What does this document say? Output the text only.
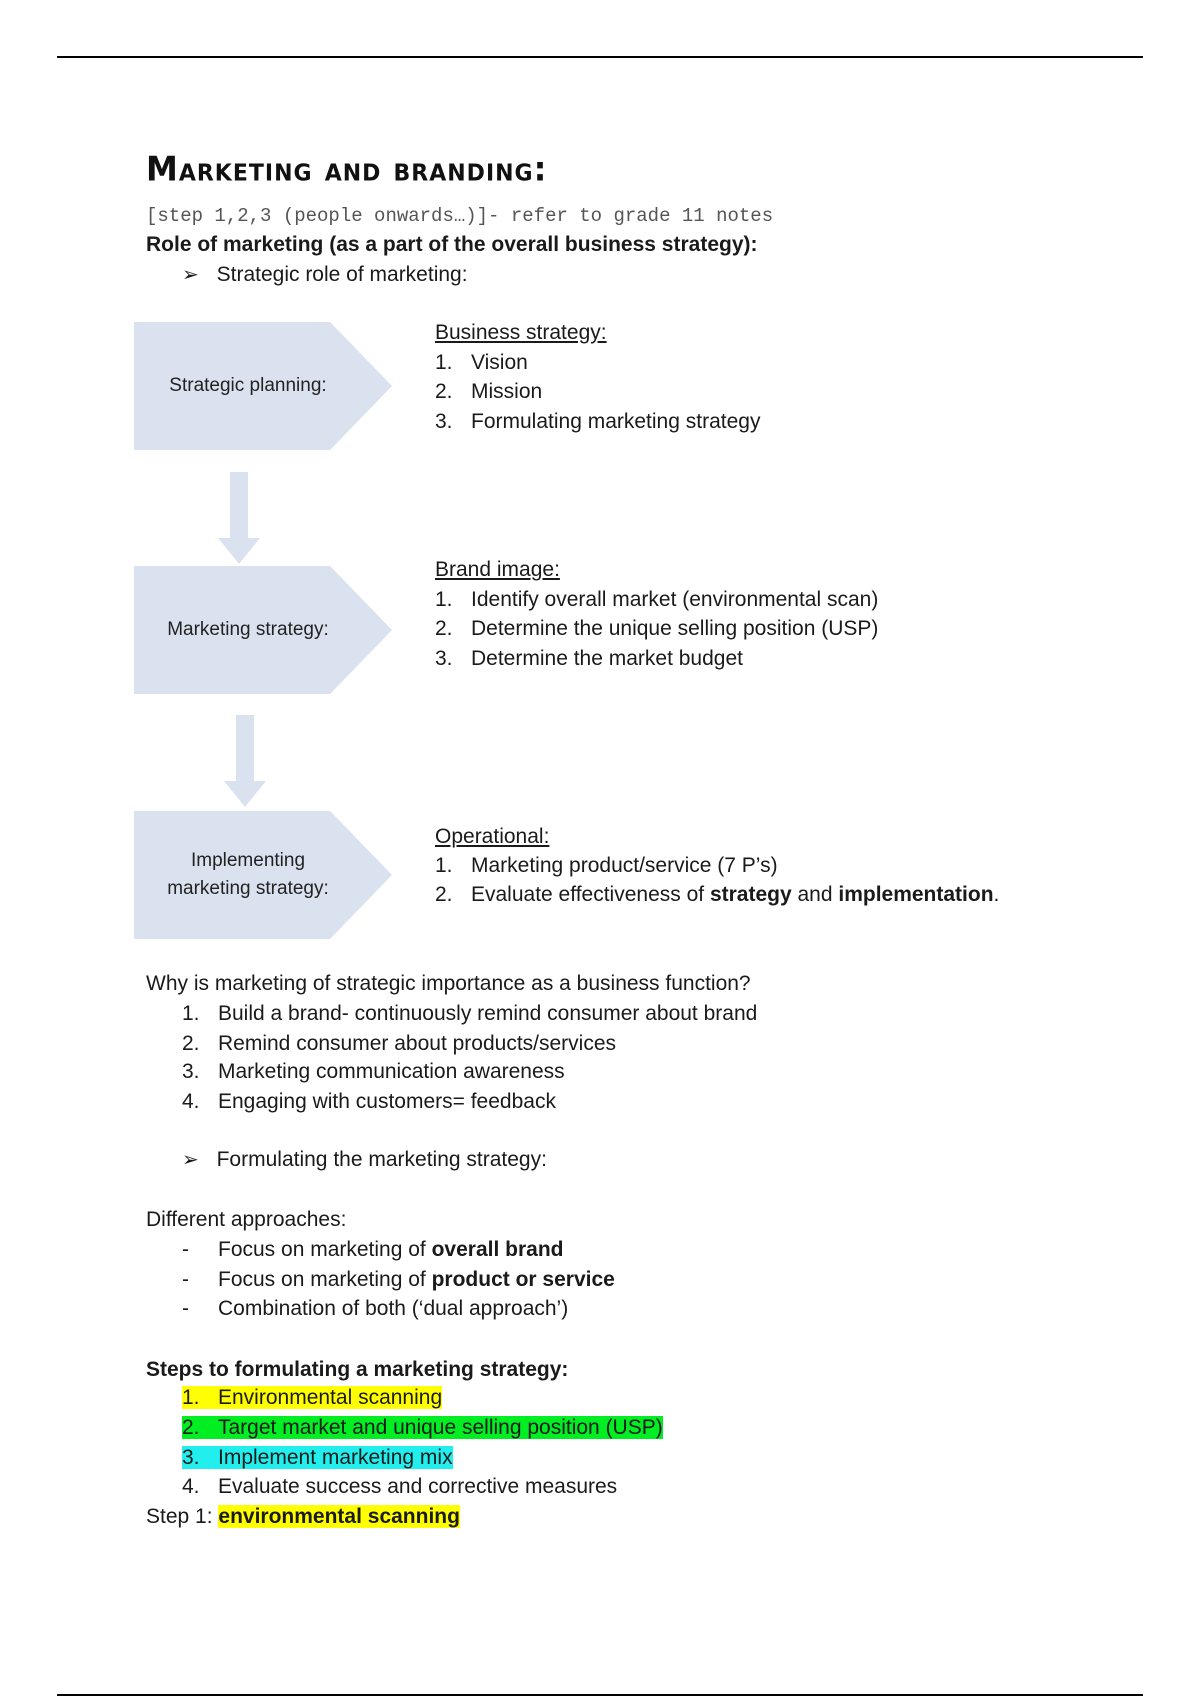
Marketing and branding:
[step 1,2,3 (people onwards…)]- refer to grade 11 notes
Role of marketing (as a part of the overall business strategy):
➢ Strategic role of marketing:
Strategic planning:
Business strategy:
1. Vision
2. Mission
3. Formulating marketing strategy
Marketing strategy:
Brand image:
1. Identify overall market (environmental scan)
2. Determine the unique selling position (USP)
3. Determine the market budget
Implementing
marketing strategy:
Operational:
1. Marketing product/service (7 P’s)
2. Evaluate effectiveness of strategy and implementation.
Why is marketing of strategic importance as a business function?
1. Build a brand- continuously remind consumer about brand
2. Remind consumer about products/services
3. Marketing communication awareness
4. Engaging with customers= feedback
➢ Formulating the marketing strategy:
Different approaches:
- Focus on marketing of overall brand
- Focus on marketing of product or service
- Combination of both (‘dual approach’)
Steps to formulating a marketing strategy:
1. Environmental scanning
2. Target market and unique selling position (USP)
3. Implement marketing mix
4. Evaluate success and corrective measures
Step 1: environmental scanning
